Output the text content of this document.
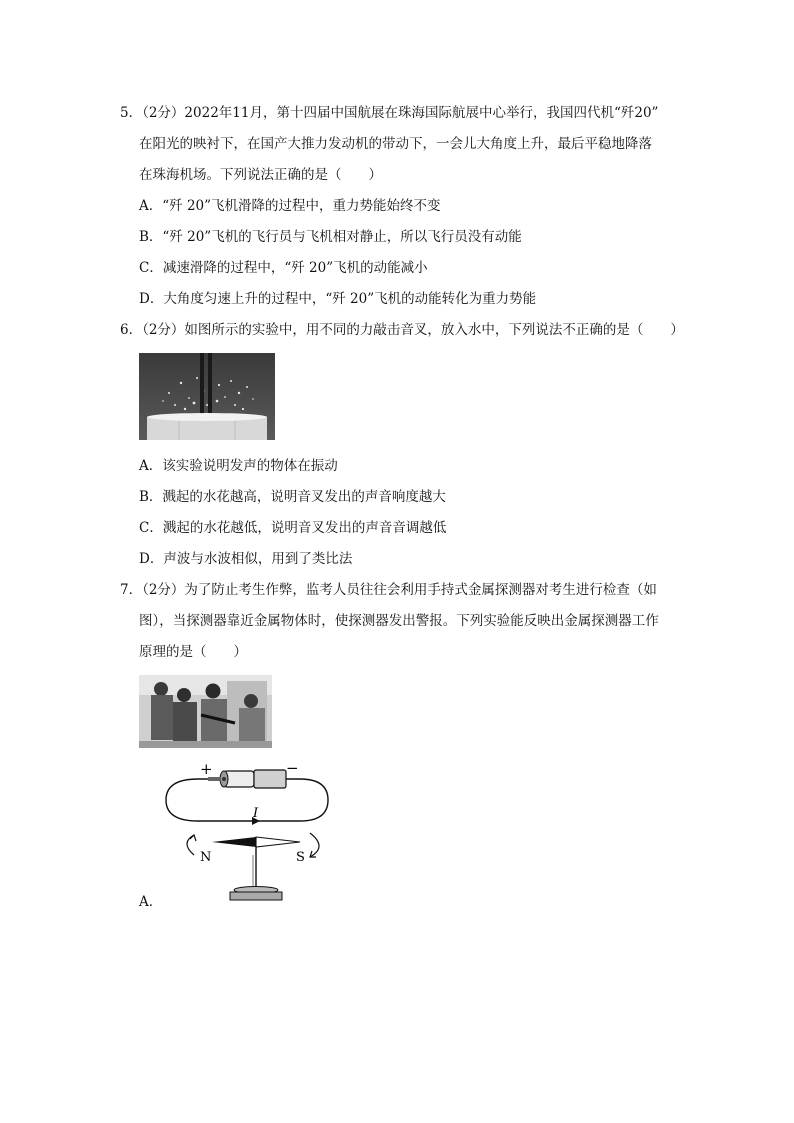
5．（2分）2022年11月，第十四届中国航展在珠海国际航展中心举行，我国四代机“歼20”
在阳光的映衬下，在国产大推力发动机的带动下，一会儿大角度上升，最后平稳地降落
在珠海机场。下列说法正确的是（　　）
A．“歼 20”飞机滑降的过程中，重力势能始终不变
B．“歼 20”飞机的飞行员与飞机相对静止，所以飞行员没有动能
C．减速滑降的过程中，“歼 20”飞机的动能减小
D．大角度匀速上升的过程中，“歼 20”飞机的动能转化为重力势能
6．（2分）如图所示的实验中，用不同的力敲击音叉，放入水中，下列说法不正确的是（　　）
A．该实验说明发声的物体在振动
B．溅起的水花越高，说明音叉发出的声音响度越大
C．溅起的水花越低，说明音叉发出的声音音调越低
D．声波与水波相似，用到了类比法
7．（2分）为了防止考生作弊，监考人员往往会利用手持式金属探测器对考生进行检查（如
图），当探测器靠近金属物体时，使探测器发出警报。下列实验能反映出金属探测器工作
原理的是（　　）
+	−
I
N	S
A．
